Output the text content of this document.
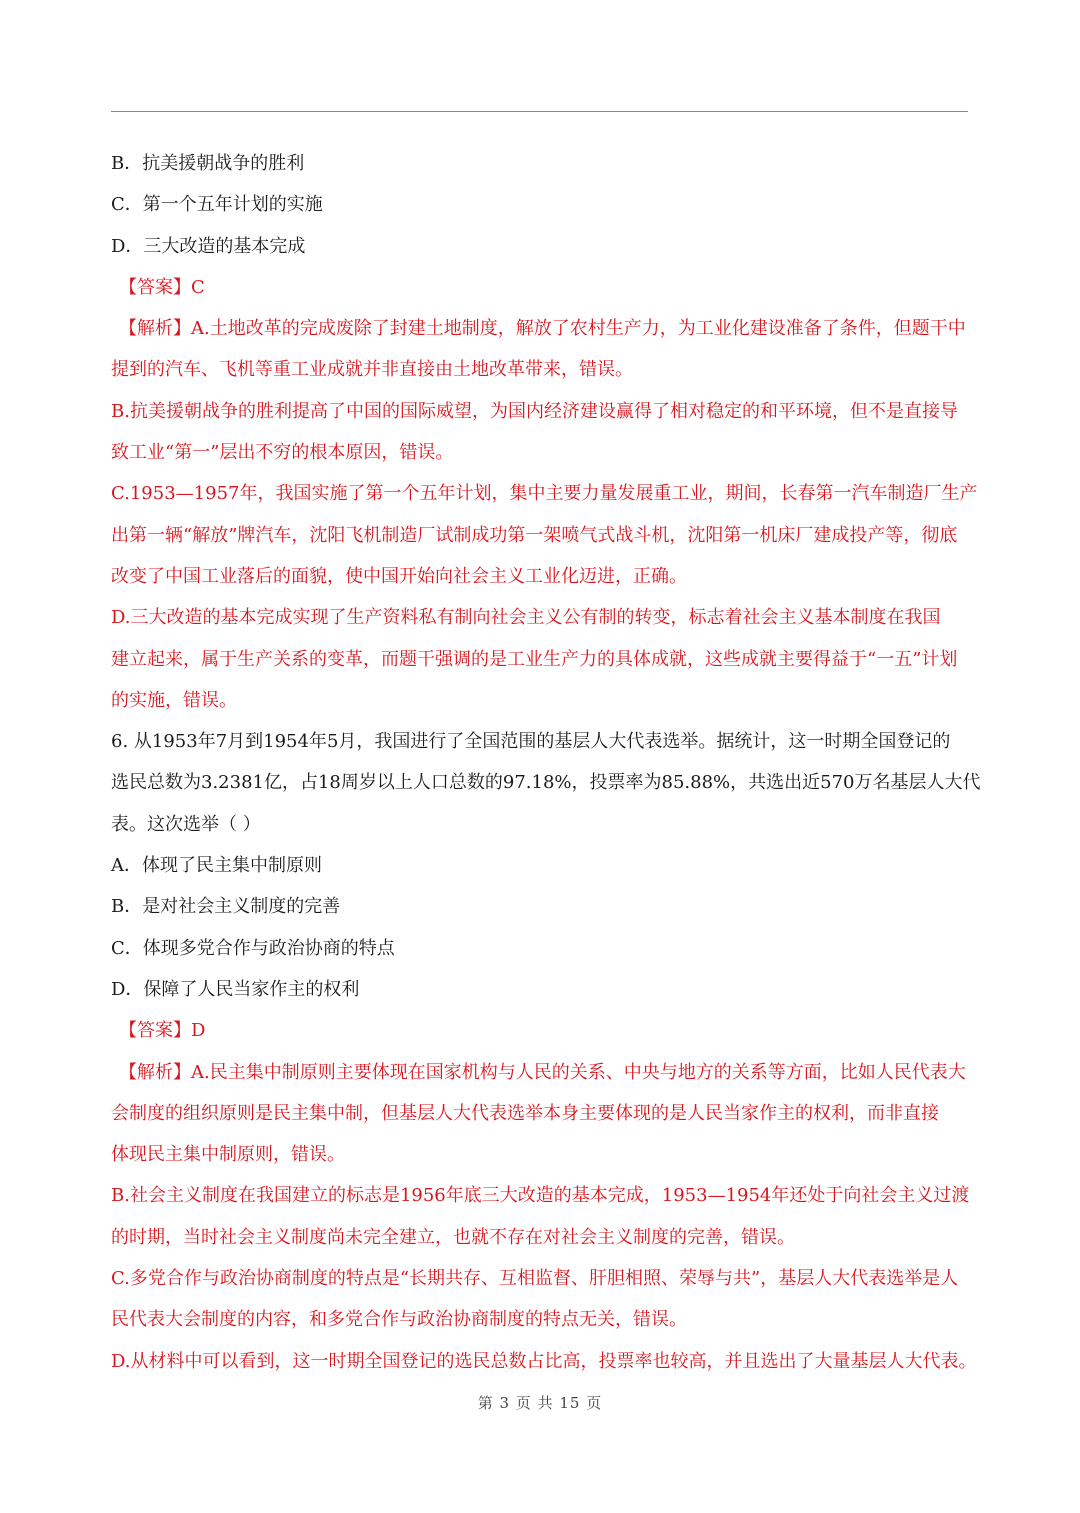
B．抗美援朝战争的胜利
C．第一个五年计划的实施
D．三大改造的基本完成
【答案】C
【解析】A.土地改革的完成废除了封建土地制度，解放了农村生产力，为工业化建设准备了条件，但题干中
提到的汽车、飞机等重工业成就并非直接由土地改革带来，错误。
B.抗美援朝战争的胜利提高了中国的国际威望，为国内经济建设赢得了相对稳定的和平环境，但不是直接导
致工业“第一”层出不穷的根本原因，错误。
C.1953—1957年，我国实施了第一个五年计划，集中主要力量发展重工业，期间，长春第一汽车制造厂生产
出第一辆“解放”牌汽车，沈阳飞机制造厂试制成功第一架喷气式战斗机，沈阳第一机床厂建成投产等，彻底
改变了中国工业落后的面貌，使中国开始向社会主义工业化迈进，正确。
D.三大改造的基本完成实现了生产资料私有制向社会主义公有制的转变，标志着社会主义基本制度在我国
建立起来，属于生产关系的变革，而题干强调的是工业生产力的具体成就，这些成就主要得益于“一五”计划
的实施，错误。
6. 从1953年7月到1954年5月，我国进行了全国范围的基层人大代表选举。据统计，这一时期全国登记的
选民总数为3.2381亿，占18周岁以上人口总数的97.18%，投票率为85.88%，共选出近570万名基层人大代
表。这次选举（ ）
A．体现了民主集中制原则
B．是对社会主义制度的完善
C．体现多党合作与政治协商的特点
D．保障了人民当家作主的权利
【答案】D
【解析】A.民主集中制原则主要体现在国家机构与人民的关系、中央与地方的关系等方面，比如人民代表大
会制度的组织原则是民主集中制，但基层人大代表选举本身主要体现的是人民当家作主的权利，而非直接
体现民主集中制原则，错误。
B.社会主义制度在我国建立的标志是1956年底三大改造的基本完成，1953—1954年还处于向社会主义过渡
的时期，当时社会主义制度尚未完全建立，也就不存在对社会主义制度的完善，错误。
C.多党合作与政治协商制度的特点是“长期共存、互相监督、肝胆相照、荣辱与共”，基层人大代表选举是人
民代表大会制度的内容，和多党合作与政治协商制度的特点无关，错误。
D.从材料中可以看到，这一时期全国登记的选民总数占比高，投票率也较高，并且选出了大量基层人大代表。
第 3 页 共 15 页
